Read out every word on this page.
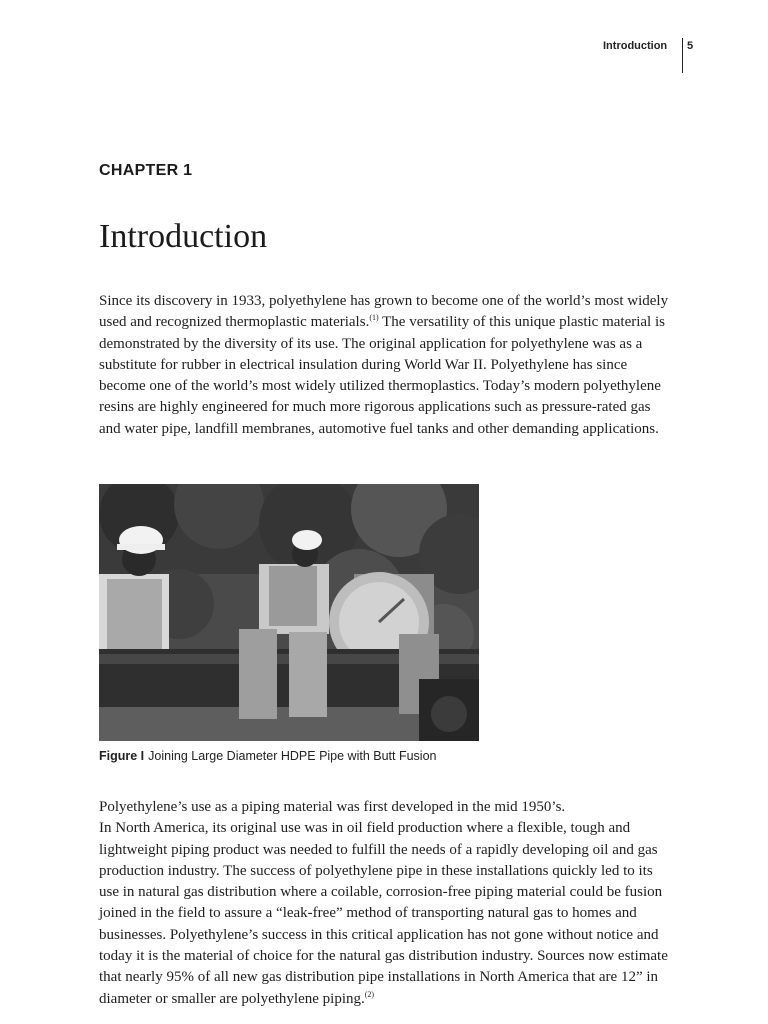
Introduction 5
CHAPTER 1
Introduction

Since its discovery in 1933, polyethylene has grown to become one of the world’s most widely used and recognized thermoplastic materials.$^{(1)}$ The versatility of this unique plastic material is demonstrated by the diversity of its use. The original application for polyethylene was as a substitute for rubber in electrical insulation during World War II. Polyethylene has since become one of the world’s most widely utilized thermoplastics. Today’s modern polyethylene resins are highly engineered for much more rigorous applications such as pressure-rated gas and water pipe, landfill membranes, automotive fuel tanks and other demanding applications.

Figure I Joining Large Diameter HDPE Pipe with Butt Fusion

Polyethylene’s use as a piping material was first developed in the mid 1950’s.
In North America, its original use was in oil field production where a flexible, tough and lightweight piping product was needed to fulfill the needs of a rapidly developing oil and gas production industry. The success of polyethylene pipe in these installations quickly led to its use in natural gas distribution where a coilable, corrosion-free piping material could be fusion joined in the field to assure a “leak-free” method of transporting natural gas to homes and businesses. Polyethylene’s success in this critical application has not gone without notice and today it is the material of choice for the natural gas distribution industry. Sources now estimate that nearly 95% of all new gas distribution pipe installations in North America that are 12” in diameter or smaller are polyethylene piping.$^{(2)}$
